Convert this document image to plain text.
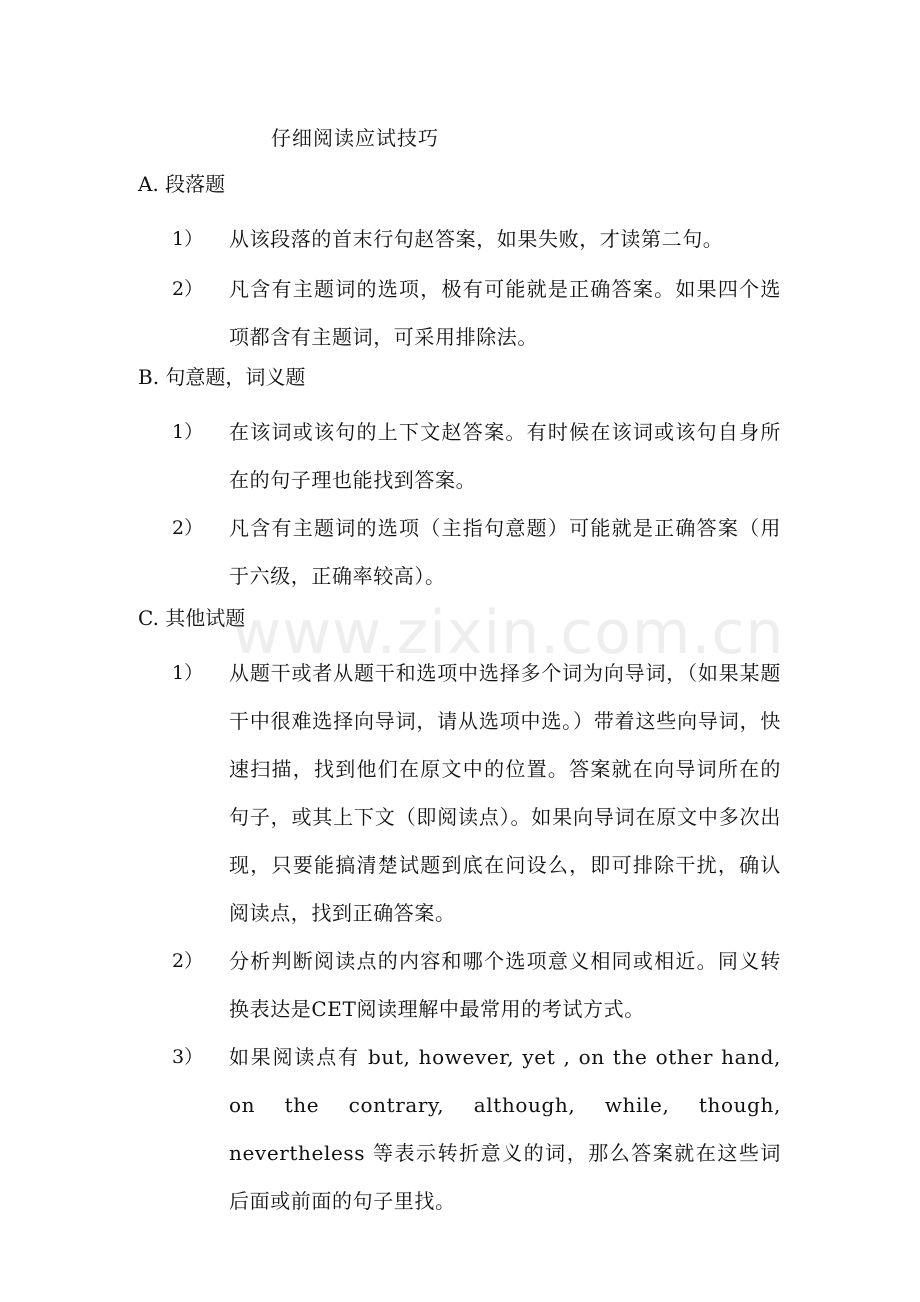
仔细阅读应试技巧
A. 段落题
1） 从该段落的首末行句赵答案，如果失败，才读第二句。
2） 凡含有主题词的选项，极有可能就是正确答案。如果四个选项都含有主题词，可采用排除法。
B. 句意题，词义题
1） 在该词或该句的上下文赵答案。有时候在该词或该句自身所在的句子理也能找到答案。
2） 凡含有主题词的选项（主指句意题）可能就是正确答案（用于六级，正确率较高）。
C. 其他试题
1） 从题干或者从题干和选项中选择多个词为向导词，（如果某题干中很难选择向导词，请从选项中选。）带着这些向导词，快速扫描，找到他们在原文中的位置。答案就在向导词所在的句子，或其上下文（即阅读点）。如果向导词在原文中多次出现，只要能搞清楚试题到底在问设么，即可排除干扰，确认阅读点，找到正确答案。
2） 分析判断阅读点的内容和哪个选项意义相同或相近。同义转换表达是CET阅读理解中最常用的考试方式。
3） 如果阅读点有 but, however, yet , on the other hand, on the contrary, although, while, though, nevertheless 等表示转折意义的词，那么答案就在这些词后面或前面的句子里找。
www.zixin.com.cn
